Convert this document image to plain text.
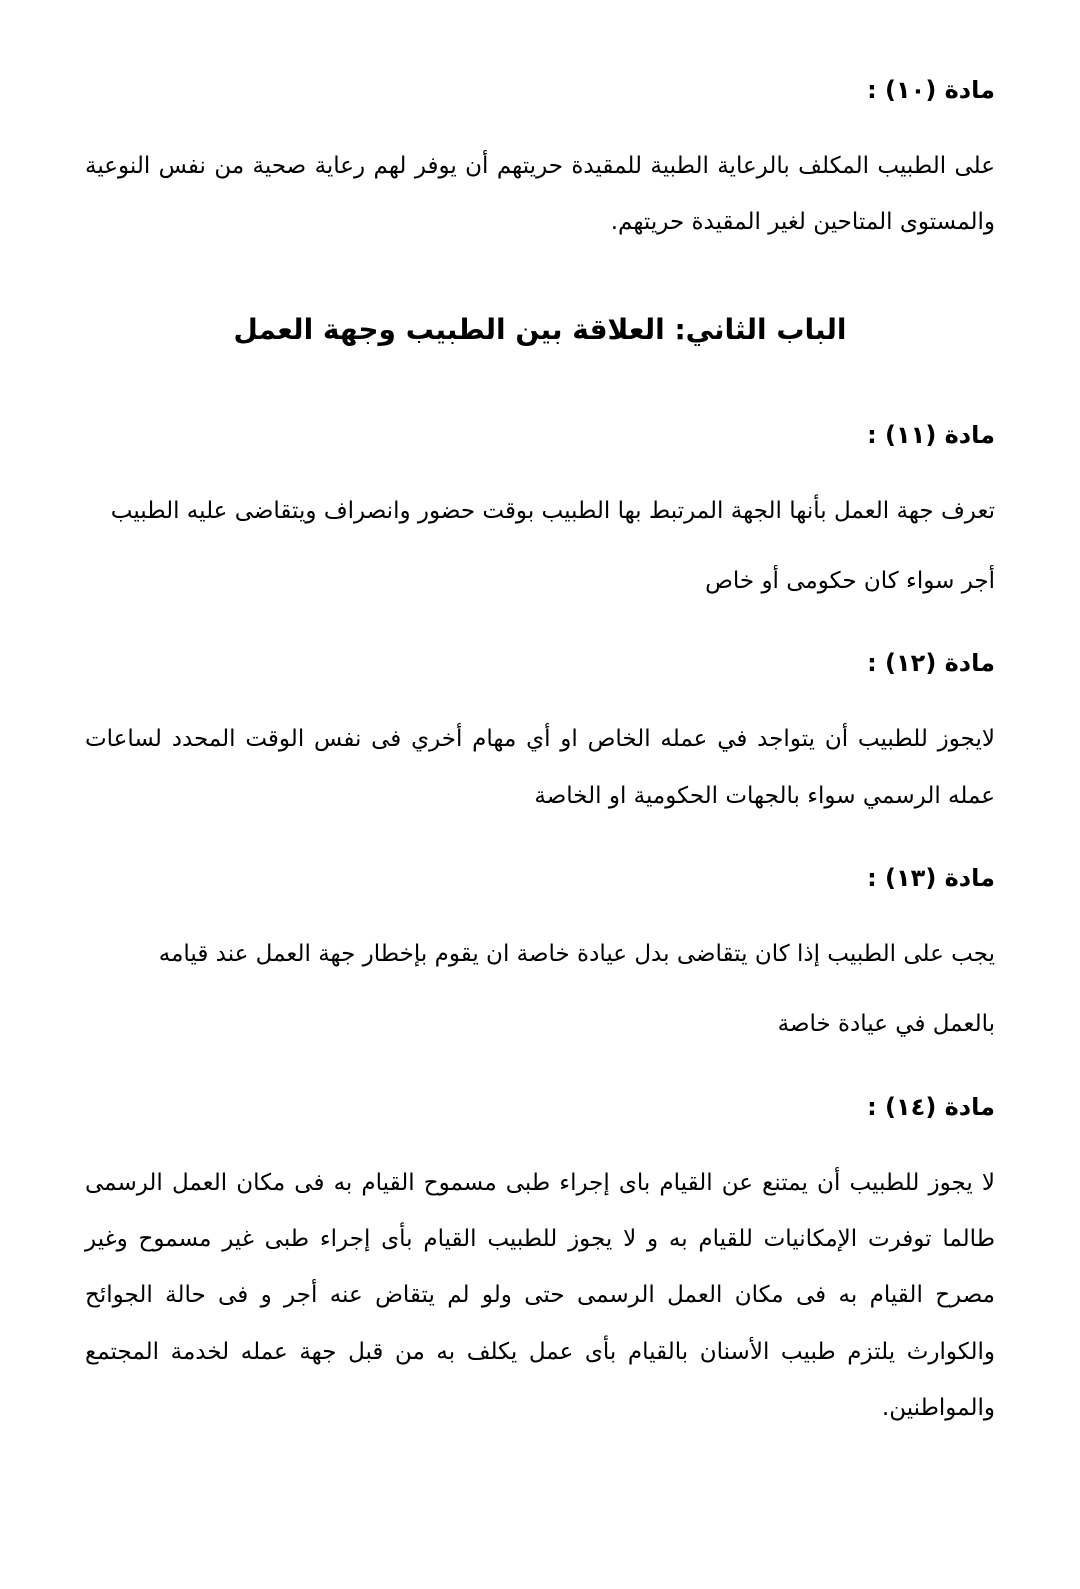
مادة (١٠) :

على الطبيب المكلف بالرعاية الطبية للمقيدة حريتهم أن يوفر لهم رعاية صحية من نفس النوعية والمستوى المتاحين لغير المقيدة حريتهم.

الباب الثاني: العلاقة بين الطبيب وجهة العمل
مادة (١١) :

تعرف جهة العمل بأنها الجهة المرتبط بها الطبيب بوقت حضور وانصراف ويتقاضى عليه الطبيب

أجر سواء كان حكومى أو خاص

مادة (١٢) :

لايجوز للطبيب أن يتواجد في عمله الخاص او أي مهام أخري فى نفس الوقت المحدد لساعات عمله الرسمي سواء بالجهات الحكومية او الخاصة

مادة (١٣) :

يجب على الطبيب إذا كان يتقاضى بدل عيادة خاصة ان يقوم بإخطار جهة العمل عند قيامه

بالعمل في عيادة خاصة

مادة (١٤) :

لا يجوز للطبيب أن يمتنع عن القيام باى إجراء طبى مسموح القيام به فى مكان العمل الرسمى طالما توفرت الإمكانيات للقيام به و لا يجوز للطبيب القيام بأى إجراء طبى غير مسموح وغير مصرح القيام به فى مكان العمل الرسمى حتى ولو لم يتقاض عنه أجر و فى حالة الجوائح والكوارث يلتزم طبيب الأسنان بالقيام بأى عمل يكلف به من قبل جهة عمله لخدمة المجتمع والمواطنين.
